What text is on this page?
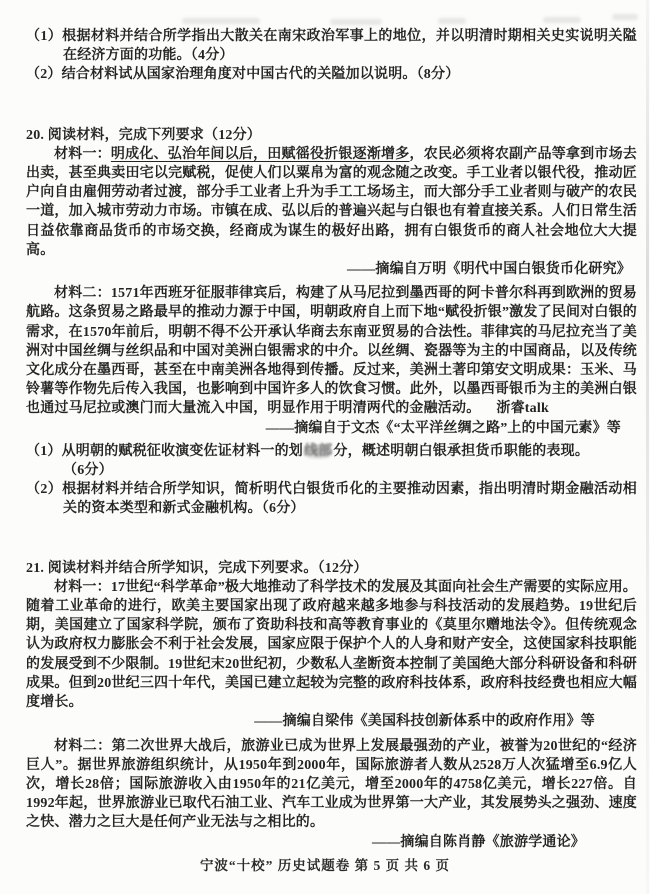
（1）根据材料并结合所学指出大散关在南宋政治军事上的地位，并以明清时期相关史实说明关隘在经济方面的功能。（4分）
（2）结合材料试从国家治理角度对中国古代的关隘加以说明。（8分）
20. 阅读材料，完成下列要求（12分）

材料一：明成化、弘治年间以后，田赋徭役折银逐渐增多，农民必须将农副产品等拿到市场去出卖，甚至典卖田宅以完赋税，促使人们以粟帛为富的观念随之改变。手工业者以银代役，推动匠户向自由雇佣劳动者过渡，部分手工业者上升为手工工场场主，而大部分手工业者则与破产的农民一道，加入城市劳动力市场。市镇在成、弘以后的普遍兴起与白银也有着直接关系。人们日常生活日益依靠商品货币的市场交换，经商成为谋生的极好出路，拥有白银货币的商人社会地位大大提高。

——摘编自万明《明代中国白银货币化研究》

材料二：1571年西班牙征服菲律宾后，构建了从马尼拉到墨西哥的阿卡普尔科再到欧洲的贸易航路。这条贸易之路最早的推动力源于中国，明朝政府自上而下地“赋役折银”激发了民间对白银的需求，在1570年前后，明朝不得不公开承认华商去东南亚贸易的合法性。菲律宾的马尼拉充当了美洲对中国丝绸与丝织品和中国对美洲白银需求的中介。以丝绸、瓷器等为主的中国商品，以及传统文化成分在墨西哥，甚至在中南美洲各地得到传播。反过来，美洲土著印第安文明成果：玉米、马铃薯等作物先后传入我国，也影响到中国许多人的饮食习惯。此外，以墨西哥银币为主的美洲白银也通过马尼拉或澳门而大量流入中国，明显作用于明清两代的金融活动。 浙睿talk

——摘编自于文杰《“太平洋丝绸之路”上的中国元素》等
（1）从明朝的赋税征收演变佐证材料一的划线部分，概述明朝白银承担货币职能的表现。
（6分）
（2）根据材料并结合所学知识，简析明代白银货币化的主要推动因素，指出明清时期金融活动相关的资本类型和新式金融机构。（6分）
21. 阅读材料并结合所学知识，完成下列要求。（12分）

材料一：17世纪“科学革命”极大地推动了科学技术的发展及其面向社会生产需要的实际应用。随着工业革命的进行，欧美主要国家出现了政府越来越多地参与科技活动的发展趋势。19世纪后期，美国建立了国家科学院，颁布了资助科技和高等教育事业的《莫里尔赠地法令》。但传统观念认为政府权力膨胀会不利于社会发展，国家应限于保护个人的人身和财产安全，这使国家科技职能的发展受到不少限制。19世纪末20世纪初，少数私人垄断资本控制了美国绝大部分科研设备和科研成果。但到20世纪三四十年代，美国已建立起较为完整的政府科技体系，政府科技经费也相应大幅度增长。

——摘编自梁伟《美国科技创新体系中的政府作用》等

材料二：第二次世界大战后，旅游业已成为世界上发展最强劲的产业，被誉为20世纪的“经济巨人”。据世界旅游组织统计，从1950年到2000年，国际旅游者人数从2528万人次猛增至6.9亿人次，增长28倍；国际旅游收入由1950年的21亿美元，增至2000年的4758亿美元，增长227倍。自1992年起，世界旅游业已取代石油工业、汽车工业成为世界第一大产业，其发展势头之强劲、速度之快、潜力之巨大是任何产业无法与之相比的。

——摘编自陈肖静《旅游学通论》
宁波“十校” 历史试题卷 第 5 页 共 6 页
